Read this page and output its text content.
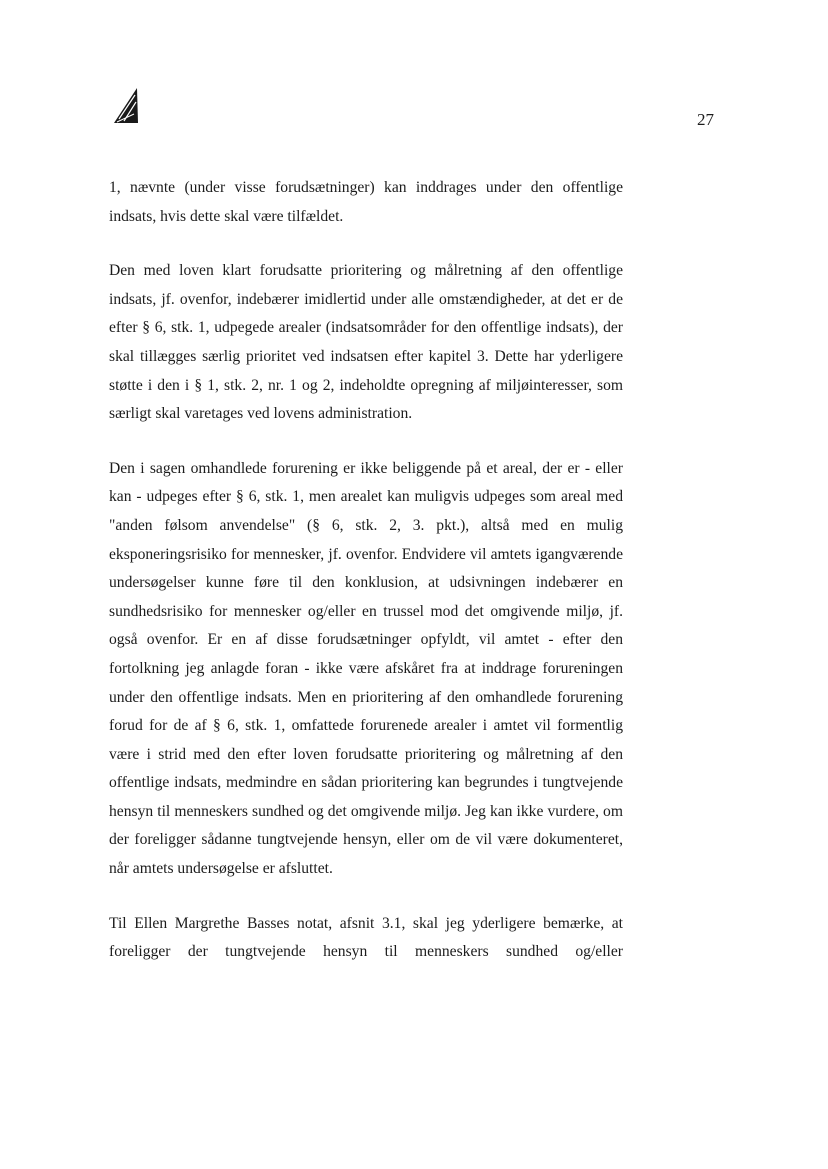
27

1, nævnte (under visse forudsætninger) kan inddrages under den offentlige indsats, hvis dette skal være tilfældet.

Den med loven klart forudsatte prioritering og målretning af den offentlige indsats, jf. ovenfor, indebærer imidlertid under alle omstændigheder, at det er de efter § 6, stk. 1, udpegede arealer (indsatsområder for den offentlige indsats), der skal tillægges særlig prioritet ved indsatsen efter kapitel 3. Dette har yderligere støtte i den i § 1, stk. 2, nr. 1 og 2, indeholdte opregning af miljøinteresser, som særligt skal varetages ved lovens administration.

Den i sagen omhandlede forurening er ikke beliggende på et areal, der er - eller kan - udpeges efter § 6, stk. 1, men arealet kan muligvis udpeges som areal med "anden følsom anvendelse" (§ 6, stk. 2, 3. pkt.), altså med en mulig eksponeringsrisiko for mennesker, jf. ovenfor. Endvidere vil amtets igangværende undersøgelser kunne føre til den konklusion, at udsivningen indebærer en sundhedsrisiko for mennesker og/eller en trussel mod det omgivende miljø, jf. også ovenfor. Er en af disse forudsætninger opfyldt, vil amtet - efter den fortolkning jeg anlagde foran - ikke være afskåret fra at inddrage forureningen under den offentlige indsats. Men en prioritering af den omhandlede forurening forud for de af § 6, stk. 1, omfattede forurenede arealer i amtet vil formentlig være i strid med den efter loven forudsatte prioritering og målretning af den offentlige indsats, medmindre en sådan prioritering kan begrundes i tungtvejende hensyn til menneskers sundhed og det omgivende miljø. Jeg kan ikke vurdere, om der foreligger sådanne tungtvejende hensyn, eller om de vil være dokumenteret, når amtets undersøgelse er afsluttet.

Til Ellen Margrethe Basses notat, afsnit 3.1, skal jeg yderligere bemærke, at foreligger der tungtvejende hensyn til menneskers sundhed og/eller
